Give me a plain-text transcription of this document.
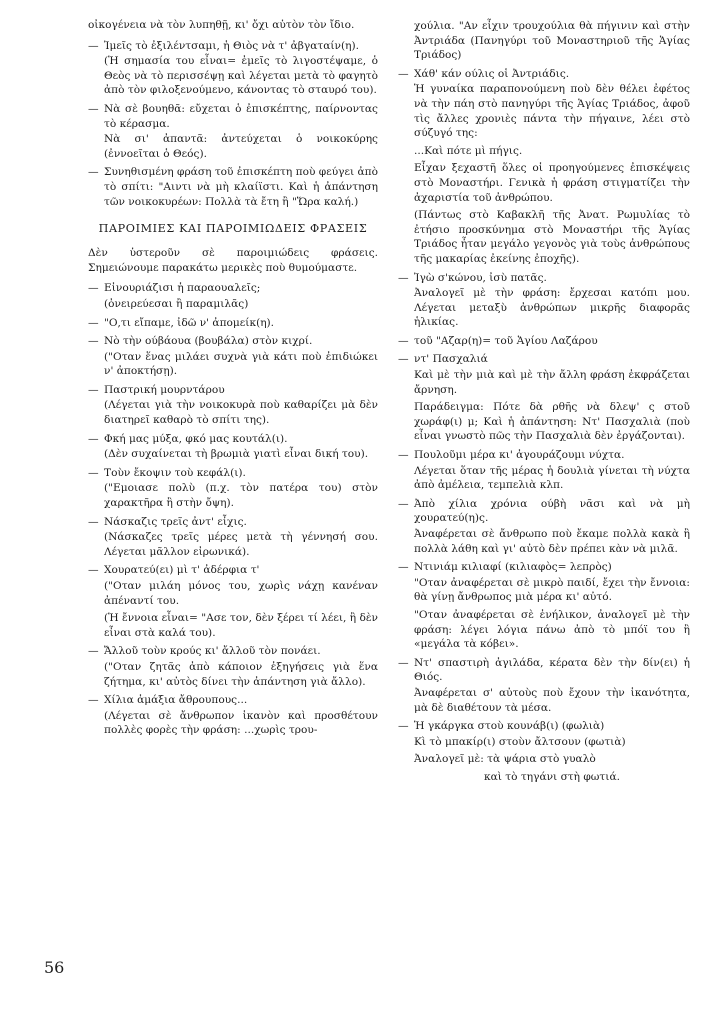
οἰκογένεια νὰ τὸν λυπηθῇ, κι' ὄχι αὐτὸν τὸν ἴδιο.
— Ἰμεῖς τὸ ἐξιλέντσαμι, ἡ Θιὸς νὰ τ' ἀβγαταίν(η).
(Ἡ σημασία του εἶναι= ἐμεῖς τὸ λιγοστέψαμε, ὁ Θεὸς νὰ τὸ περισσέψῃ καὶ λέγεται μετὰ τὸ φαγητὸ ἀπὸ τὸν φιλοξενούμενο, κάνοντας τὸ σταυρό του).
— Νὰ σὲ βουηθᾶ: εὔχεται ὁ ἐπισκέπτης, παίρνοντας τὸ κέρασμα.
Νὰ σι' ἀπαντᾶ: ἀντεύχεται ὁ νοικοκύρης (ἐννοεῖται ὁ Θεός).
— Συνηθισμένη φράση τοῦ ἐπισκέπτη ποὺ φεύγει ἀπὸ τὸ σπίτι: "Αιντι νὰ μὴ κλαίϊστι. Καὶ ἡ ἀπάντηση τῶν νοικοκυρέων: Πολλὰ τὰ ἔτη ἢ "Ὥρα καλή.)
ΠΑΡΟΙΜΙΕΣ ΚΑΙ ΠΑΡΟΙΜΙΩΔΕΙΣ ΦΡΑΣΕΙΣ
Δὲν ὑστεροῦν σὲ παροιμιώδεις φράσεις. Σημειώνουμε παρακάτω μερικὲς ποὺ θυμούμαστε.
— Εἰνουριάζισι ἡ παραουαλεῖς;
(ὀνειρεύεσαι ἢ παραμιλᾶς)
— "Ο,τι εἴπαμε, ἰδῶ ν' ἀπομείκ(η).
— Νὸ τὴν ούβάουα (βουβάλα) στὸν κιχρί.
("Οταν ἕνας μιλάει συχνὰ γιὰ κάτι ποὺ ἐπιδιώκει ν' ἀποκτήσῃ).
— Παστρική μουρντάρου
(Λέγεται γιὰ τὴν νοικοκυρὰ ποὺ καθαρίζει μὰ δὲν διατηρεῖ καθαρὸ τὸ σπίτι της).
— Φκή μας μύξα, φκό μας κουτάλ(ι).
(Δὲν συχαίνεται τὴ βρωμιὰ γιατὶ εἶναι δική του).
— Τοὺν ἔκοψιν τοὺ κεφάλ(ι).
("Εμοιασε πολὺ (π.χ. τὸν πατέρα του) στὸν χαρακτῆρα ἢ στὴν ὄψη).
— Νάσκαζις τρεῖς ἀντ' εἶχις.
(Νάσκαζες τρεῖς μέρες μετὰ τὴ γέννησή σου. Λέγεται μᾶλλον εἰρωνικά).
— Χουρατεύ(ει) μὶ τ' ἀδέρφια τ'
("Οταν μιλάη μόνος του, χωρὶς νάχῃ κανέναν ἀπέναντί του.
(Ἡ ἔννοια εἶναι= "Ασε τον, δὲν ξέρει τί λέει, ἢ δὲν εἶναι στὰ καλά του).
— Ἄλλοῦ τοὺν κρούς κι' ἄλλοῦ τὸν πονάει.
("Οταν ζητᾶς ἀπὸ κάποιον ἐξηγήσεις γιὰ ἕνα ζήτημα, κι' αὐτὸς δίνει τὴν ἀπάντηση γιὰ ἄλλο).
— Χίλια ἁμάξια ἄθρουπους...
(Λέγεται σὲ ἄνθρωπον ἱκανὸν καὶ προσθέτουν πολλὲς φορὲς τὴν φράση: ...χωρὶς τρου-
χούλια. "Αν εἶχιν τρουχούλια θὰ πήγινιν καὶ στὴν Ἀντριάδα (Πανηγύρι τοῦ Μοναστηριοῦ τῆς Ἁγίας Τριάδος)
— Χάθ' κάν ούλις οἱ Ἀντριάδις.
Ἡ γυναίκα παραπονούμενη ποὺ δὲν θέλει ἐφέτος νὰ τὴν πάη στὸ πανηγύρι τῆς Ἁγίας Τριάδος, ἀφοῦ τὶς ἄλλες χρονιὲς πάντα τὴν πήγαινε, λέει στὸ σύζυγό της:
...Καὶ πότε μὶ πήγις.
Εἶχαν ξεχαστῆ ὅλες οἱ προηγούμενες ἐπισκέψεις στὸ Μοναστήρι. Γενικὰ ἡ φράση στιγματίζει τὴν ἀχαριστία τοῦ ἀνθρώπου.
(Πάντως στὸ Καβακλῆ τῆς Ἀνατ. Ρωμυλίας τὸ ἐτήσιο προσκύνημα στὸ Μοναστήρι τῆς Ἁγίας Τριάδος ἦταν μεγάλο γεγονὸς γιὰ τοὺς ἀνθρώπους τῆς μακαρίας ἐκείνης ἐποχῆς).
— Ἰγὼ σ'κώνου, ἰσὺ πατᾶς.
Ἀναλογεῖ μὲ τὴν φράση: ἔρχεσαι κατόπι μου. Λέγεται μεταξὺ ἀνθρώπων μικρῆς διαφορᾶς ἡλικίας.
— τοῦ "Αζαρ(η)= τοῦ Ἁγίου Λαζάρου
— ντ' Πασχαλιά
Καὶ μὲ τὴν μιὰ καὶ μὲ τὴν ἄλλη φράση ἐκφράζεται ἄρνηση.
Παράδειγμα: Πότε δὰ ρθῆς νὰ δλεψ' ς στοῦ χωράφ(ι) μ; Καὶ ἡ ἀπάντηση: Ντ' Πασχαλιὰ (ποὺ εἶναι γνωστὸ πῶς τὴν Πασχαλιὰ δὲν ἐργάζονται).
— Πουλοῦμι μέρα κι' ἀγουράζουμι νύχτα.
Λέγεται ὅταν τῆς μέρας ἡ δουλιὰ γίνεται τὴ νύχτα ἀπὸ ἀμέλεια, τεμπελιὰ κλπ.
— Ἀπὸ χίλια χρόνια ούβὴ νᾶσι καὶ νὰ μὴ χουρατεύ(η)ς.
Ἀναφέρεται σὲ ἄνθρωπο ποὺ ἔκαμε πολλὰ κακὰ ἢ πολλὰ λάθη καὶ γι' αὐτὸ δὲν πρέπει κὰν νὰ μιλᾶ.
— Ντινιάμ κιλιαφί (κιλιαφὸς= λεπρὸς)
"Οταν ἀναφέρεται σὲ μικρὸ παιδί, ἔχει τὴν ἔννοια: θὰ γίνῃ ἄνθρωπος μιὰ μέρα κι' αὐτό.
"Οταν ἀναφέρεται σὲ ἐνήλικον, ἀναλογεῖ μὲ τὴν φράση: λέγει λόγια πάνω ἀπὸ τὸ μπόϊ του ἢ «μεγάλα τὰ κόβει».
— Ντ' σπαστιρὴ ἀγιλάδα, κέρατα δὲν τὴν δίν(ει) ἡ Θιός.
Ἀναφέρεται σ' αὐτοὺς ποὺ ἔχουν τὴν ἱκανότητα, μὰ δὲ διαθέτουν τὰ μέσα.
— Ἡ γκάργκα στοὺ κουνάβ(ι) (φωλιὰ)
Κὶ τὸ μπακίρ(ι) στοὺν ἄλτσουν (φωτιὰ)
Ἀναλογεῖ μὲ: τὰ ψάρια στὸ γυαλὸ
καὶ τὸ τηγάνι στὴ φωτιά.
56
